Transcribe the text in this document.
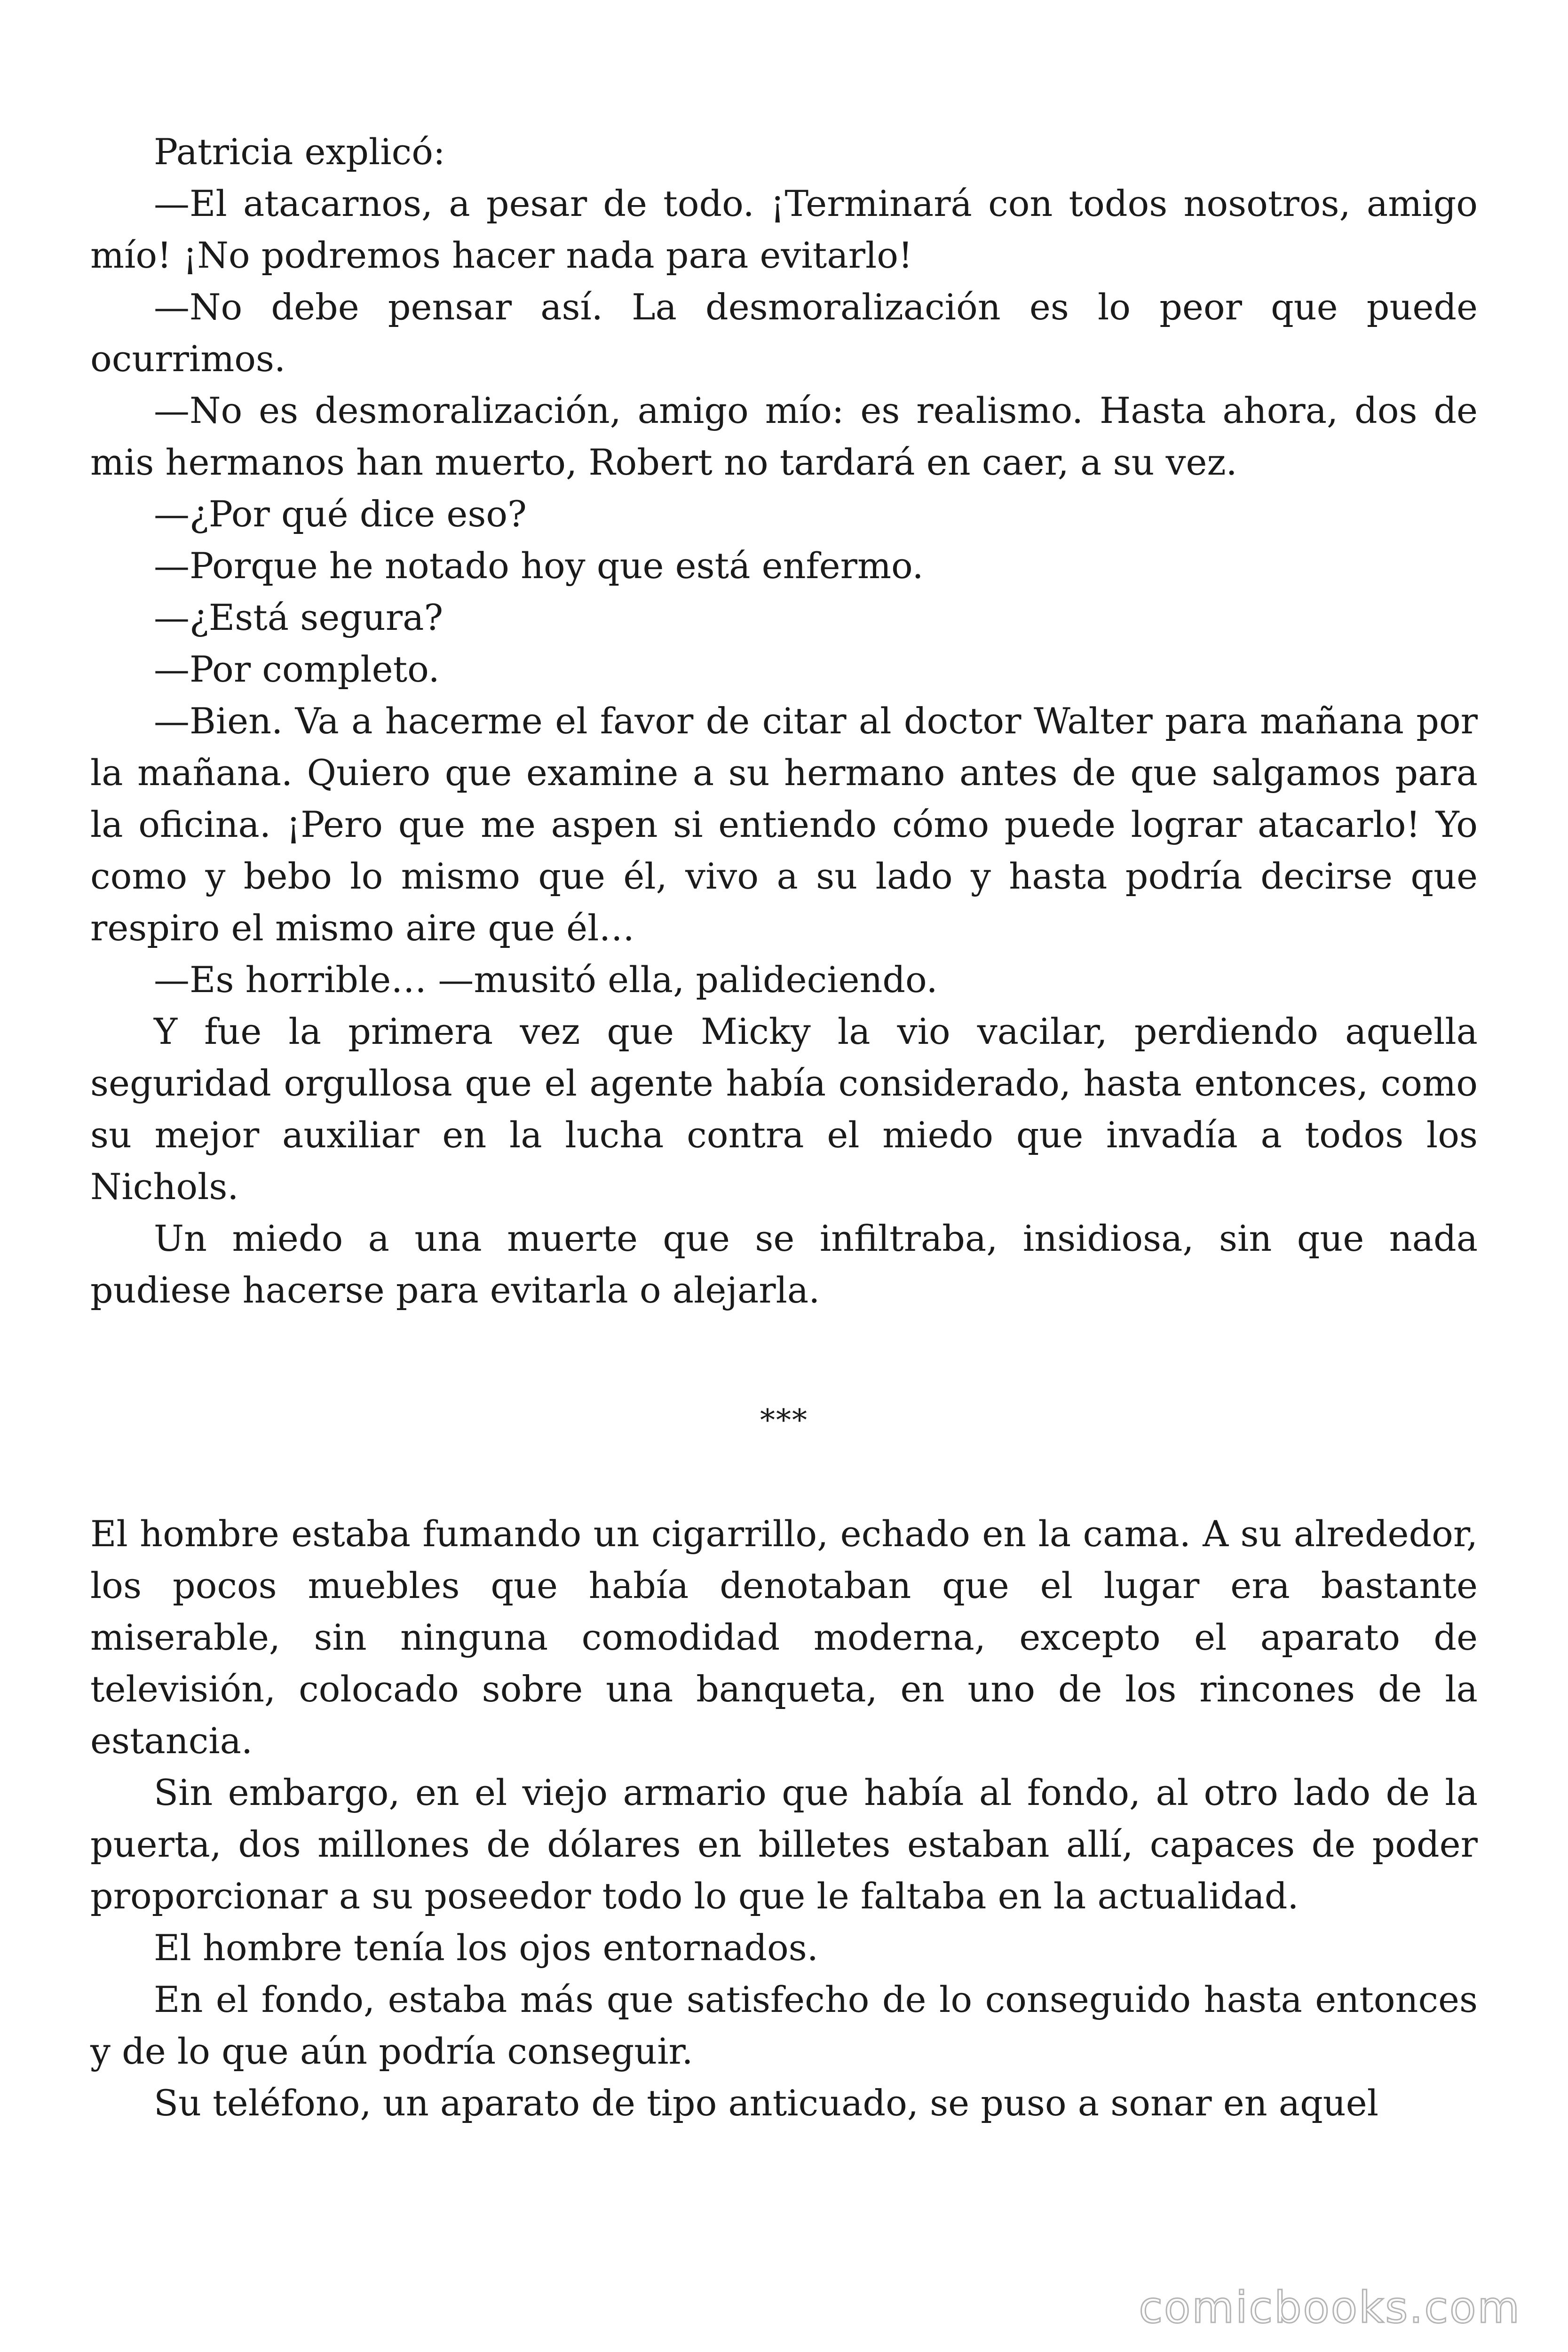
Patricia explicó:

—El atacarnos, a pesar de todo. ¡Terminará con todos nosotros, amigo mío! ¡No podremos hacer nada para evitarlo!

—No debe pensar así. La desmoralización es lo peor que puede ocurrimos.

—No es desmoralización, amigo mío: es realismo. Hasta ahora, dos de mis hermanos han muerto, Robert no tardará en caer, a su vez.

—¿Por qué dice eso?

—Porque he notado hoy que está enfermo.

—¿Está segura?

—Por completo.

—Bien. Va a hacerme el favor de citar al doctor Walter para mañana por la mañana. Quiero que examine a su hermano antes de que salgamos para la oficina. ¡Pero que me aspen si entiendo cómo puede lograr atacarlo! Yo como y bebo lo mismo que él, vivo a su lado y hasta podría decirse que respiro el mismo aire que él…

—Es horrible… —musitó ella, palideciendo.

Y fue la primera vez que Micky la vio vacilar, perdiendo aquella seguridad orgullosa que el agente había considerado, hasta entonces, como su mejor auxiliar en la lucha contra el miedo que invadía a todos los Nichols.

Un miedo a una muerte que se infiltraba, insidiosa, sin que nada pudiese hacerse para evitarla o alejarla.

***

El hombre estaba fumando un cigarrillo, echado en la cama. A su alrededor, los pocos muebles que había denotaban que el lugar era bastante miserable, sin ninguna comodidad moderna, excepto el aparato de televisión, colocado sobre una banqueta, en uno de los rincones de la estancia.

Sin embargo, en el viejo armario que había al fondo, al otro lado de la puerta, dos millones de dólares en billetes estaban allí, capaces de poder proporcionar a su poseedor todo lo que le faltaba en la actualidad.

El hombre tenía los ojos entornados.

En el fondo, estaba más que satisfecho de lo conseguido hasta entonces y de lo que aún podría conseguir.

Su teléfono, un aparato de tipo anticuado, se puso a sonar en aquel

comicbooks.com
